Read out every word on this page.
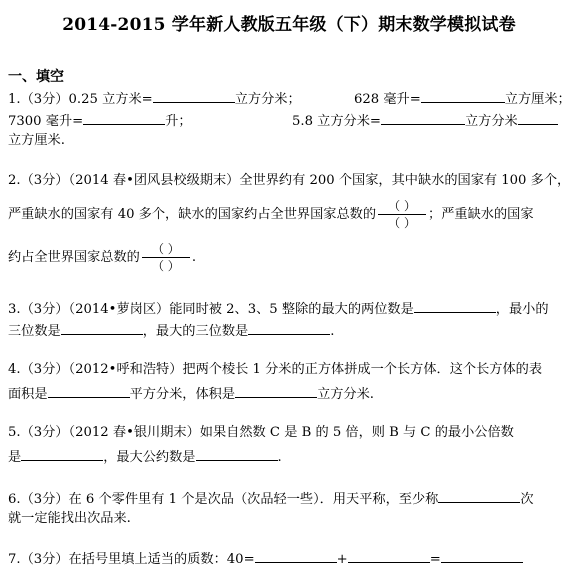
2014-2015 学年新人教版五年级（下）期末数学模拟试卷
一、填空
1.（3分）0.25 立方米=	立方分米；	628 毫升=	立方厘米；
7300 毫升=	升；	5.8 立方分米=	立方分米
立方厘米.
2.（3分）（2014 春•团风县校级期末）全世界约有 200 个国家，其中缺水的国家有 100 多个，
严重缺水的国家有 40 多个，缺水的国家约占全世界国家总数的 $\frac{( )}{( )}$ ；严重缺水的国家
约占全世界国家总数的 $\frac{( )}{( )}$ .
3.（3分）（2014•萝岗区）能同时被 2、3、5 整除的最大的两位数是	，最小的
三位数是	，最大的三位数是	.
4.（3分）（2012•呼和浩特）把两个棱长 1 分米的正方体拼成一个长方体．这个长方体的表
面积是	平方分米，体积是	立方分米.
5.（3分）（2012 春•银川期末）如果自然数 C 是 B 的 5 倍，则 B 与 C 的最小公倍数
是	，最大公约数是	.
6.（3分）在 6 个零件里有 1 个是次品（次品轻一些）．用天平称，至少称	次
就一定能找出次品来.
7.（3分）在括号里填上适当的质数：40=	+	=
